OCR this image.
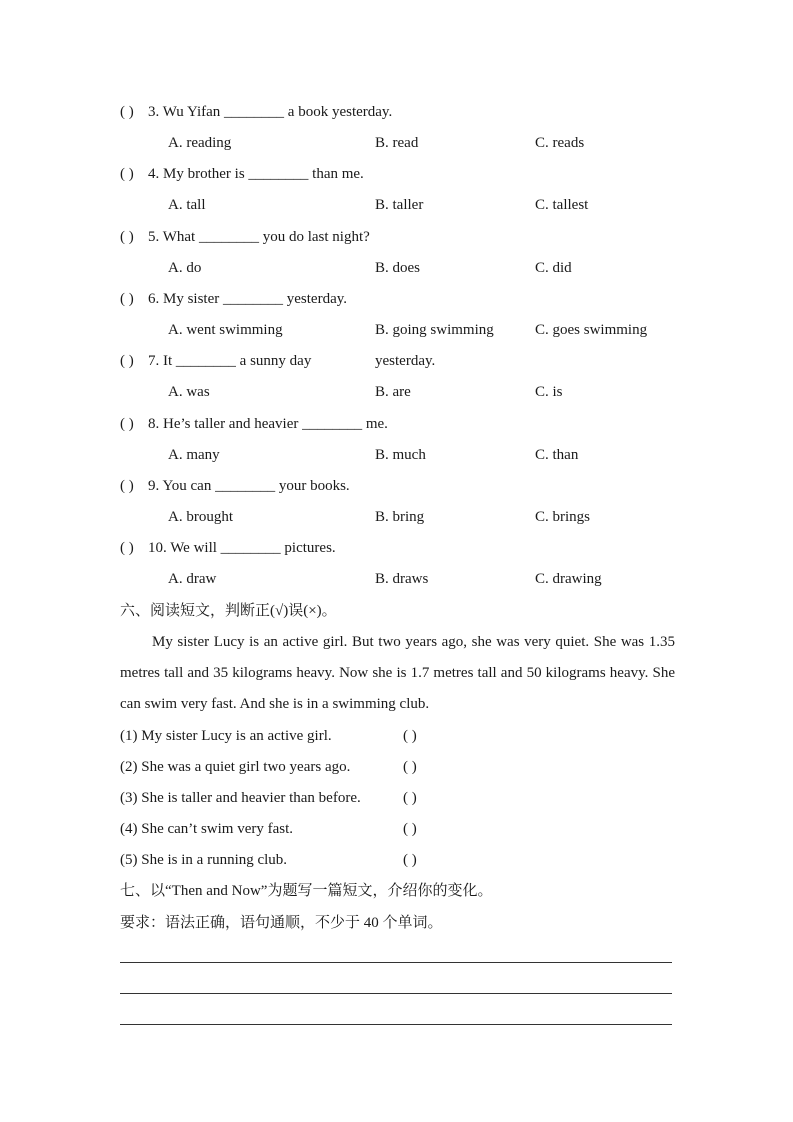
( ) 3. Wu Yifan ________ a book yesterday.
A. reading	B. read	C. reads
( ) 4. My brother is ________ than me.
A. tall	B. taller	C. tallest
( ) 5. What ________ you do last night?
A. do	B. does	C. did
( ) 6. My sister ________ yesterday.
A. went swimming	B. going swimming	C. goes swimming
( ) 7. It ________ a sunny day	yesterday.
A. was	B. are	C. is
( ) 8. He’s taller and heavier ________ me.
A. many	B. much	C. than
( ) 9. You can ________ your books.
A. brought	B. bring	C. brings
( ) 10. We will ________ pictures.
A. draw	B. draws	C. drawing
六、阅读短文，判断正(√)误(×)。
My sister Lucy is an active girl. But two years ago, she was very quiet. She was 1.35 metres tall and 35 kilograms heavy. Now she is 1.7 metres tall and 50 kilograms heavy. She can swim very fast. And she is in a swimming club.
(1) My sister Lucy is an active girl.	( )
(2) She was a quiet girl two years ago.	( )
(3) She is taller and heavier than before.	( )
(4) She can’t swim very fast.	( )
(5) She is in a running club.	( )
七、以“Then and Now”为题写一篇短文，介绍你的变化。
要求：语法正确，语句通顺，不少于 40 个单词。
